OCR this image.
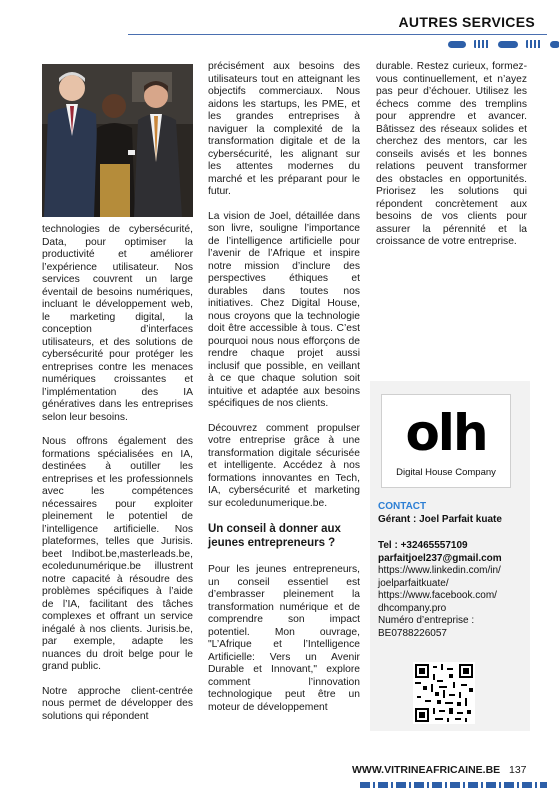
AUTRES SERVICES

technologies de cybersécurité, Data, pour optimiser la productivité et améliorer l’expérience utilisateur. Nos services couvrent un large éventail de besoins numériques, incluant le développement web, le marketing digital, la conception d’interfaces utilisateurs, et des solutions de cybersécurité pour protéger les entreprises contre les menaces numériques croissantes et l’implémentation des IA génératives dans les entreprises selon leur besoins.

Nous offrons également des formations spécialisées en IA, destinées à outiller les entreprises et les professionnels avec les compétences nécessaires pour exploiter pleinement le potentiel de l’intelligence artificielle. Nos plateformes, telles que Jurisis. beet Indibot.be,masterleads.be, ecoledunumérique.be illustrent notre capacité à résoudre des problèmes spécifiques à l’aide de l’IA, facilitant des tâches complexes et offrant un service inégalé à nos clients. Jurisis.be, par exemple, adapte les nuances du droit belge pour le grand public.

Notre approche client-centrée nous permet de développer des solutions qui répondent

précisément aux besoins des utilisateurs tout en atteignant les objectifs commerciaux. Nous aidons les startups, les PME, et les grandes entreprises à naviguer la complexité de la transformation digitale et de la cybersécurité, les alignant sur les attentes modernes du marché et les préparant pour le futur.

La vision de Joel, détaillée dans son livre, souligne l’importance de l’intelligence artificielle pour l’avenir de l’Afrique et inspire notre mission d’inclure des perspectives éthiques et durables dans toutes nos initiatives. Chez Digital House, nous croyons que la technologie doit être accessible à tous. C’est pourquoi nous nous efforçons de rendre chaque projet aussi inclusif que possible, en veillant à ce que chaque solution soit intuitive et adaptée aux besoins spécifiques de nos clients.

Découvrez comment propulser votre entreprise grâce à une transformation digitale sécurisée et intelligente. Accédez à nos formations innovantes en Tech, IA, cybersécurité et marketing sur ecoledunumerique.be.

Un conseil à donner aux jeunes entrepreneurs ?

Pour les jeunes entrepreneurs, un conseil essentiel est d’embrasser pleinement la transformation numérique et de comprendre son impact potentiel. Mon ouvrage, "L’Afrique et l’Intelligence Artificielle: Vers un Avenir Durable et Innovant," explore comment l’innovation technologique peut être un moteur de développement

durable. Restez curieux, formez-vous continuellement, et n’ayez pas peur d’échouer. Utilisez les échecs comme des tremplins pour apprendre et avancer. Bâtissez des réseaux solides et cherchez des mentors, car les conseils avisés et les bonnes relations peuvent transformer des obstacles en opportunités. Priorisez les solutions qui répondent concrètement aux besoins de vos clients pour assurer la pérennité et la croissance de votre entreprise.

olh
Digital House Company
CONTACT
Gérant : Joel Parfait kuate
Tel : +32465557109
parfaitjoel237@gmail.com
https://www.linkedin.com/in/
joelparfaitkuate/
https://www.facebook.com/
dhcompany.pro
Numéro d’entreprise :
BE0788226057
WWW.VITRINEAFRICAINE.BE 137
